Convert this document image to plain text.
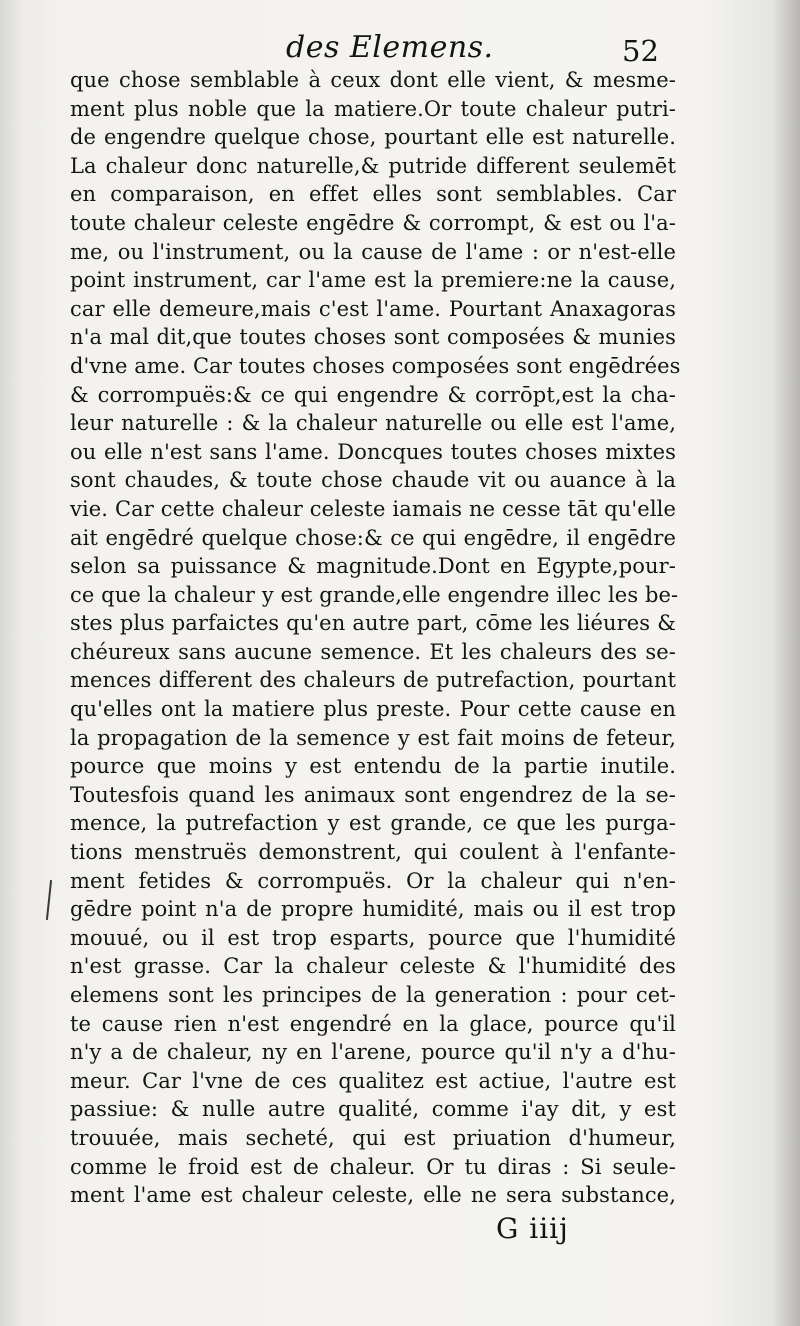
des Elemens.	52
que chose semblable à ceux dont elle vient, & mesme-
ment plus noble que la matiere.Or toute chaleur putri-
de engendre quelque chose, pourtant elle est naturelle.
La chaleur donc naturelle,& putride different seulemēt
en comparaison, en effet elles sont semblables. Car
toute chaleur celeste engēdre & corrompt, & est ou l'a-
me, ou l'instrument, ou la cause de l'ame : or n'est-elle
point instrument, car l'ame est la premiere:ne la cause,
car elle demeure,mais c'est l'ame. Pourtant Anaxagoras
n'a mal dit,que toutes choses sont composées & munies
d'vne ame. Car toutes choses composées sont engēdrées
& corrompuës:& ce qui engendre & corrōpt,est la cha-
leur naturelle : & la chaleur naturelle ou elle est l'ame,
ou elle n'est sans l'ame. Doncques toutes choses mixtes
sont chaudes, & toute chose chaude vit ou auance à la
vie. Car cette chaleur celeste iamais ne cesse tāt qu'elle
ait engēdré quelque chose:& ce qui engēdre, il engēdre
selon sa puissance & magnitude.Dont en Egypte,pour-
ce que la chaleur y est grande,elle engendre illec les be-
stes plus parfaictes qu'en autre part, cōme les liéures &
chéureux sans aucune semence. Et les chaleurs des se-
mences different des chaleurs de putrefaction, pourtant
qu'elles ont la matiere plus preste. Pour cette cause en
la propagation de la semence y est fait moins de feteur,
pource que moins y est entendu de la partie inutile.
Toutesfois quand les animaux sont engendrez de la se-
mence, la putrefaction y est grande, ce que les purga-
tions menstruës demonstrent, qui coulent à l'enfante-
ment fetides & corrompuës. Or la chaleur qui n'en-
gēdre point n'a de propre humidité, mais ou il est trop
mouué, ou il est trop esparts, pource que l'humidité
n'est grasse. Car la chaleur celeste & l'humidité des
elemens sont les principes de la generation : pour cet-
te cause rien n'est engendré en la glace, pource qu'il
n'y a de chaleur, ny en l'arene, pource qu'il n'y a d'hu-
meur. Car l'vne de ces qualitez est actiue, l'autre est
passiue: & nulle autre qualité, comme i'ay dit, y est
trouuée, mais secheté, qui est priuation d'humeur,
comme le froid est de chaleur. Or tu diras : Si seule-
ment l'ame est chaleur celeste, elle ne sera substance,
G iiij
